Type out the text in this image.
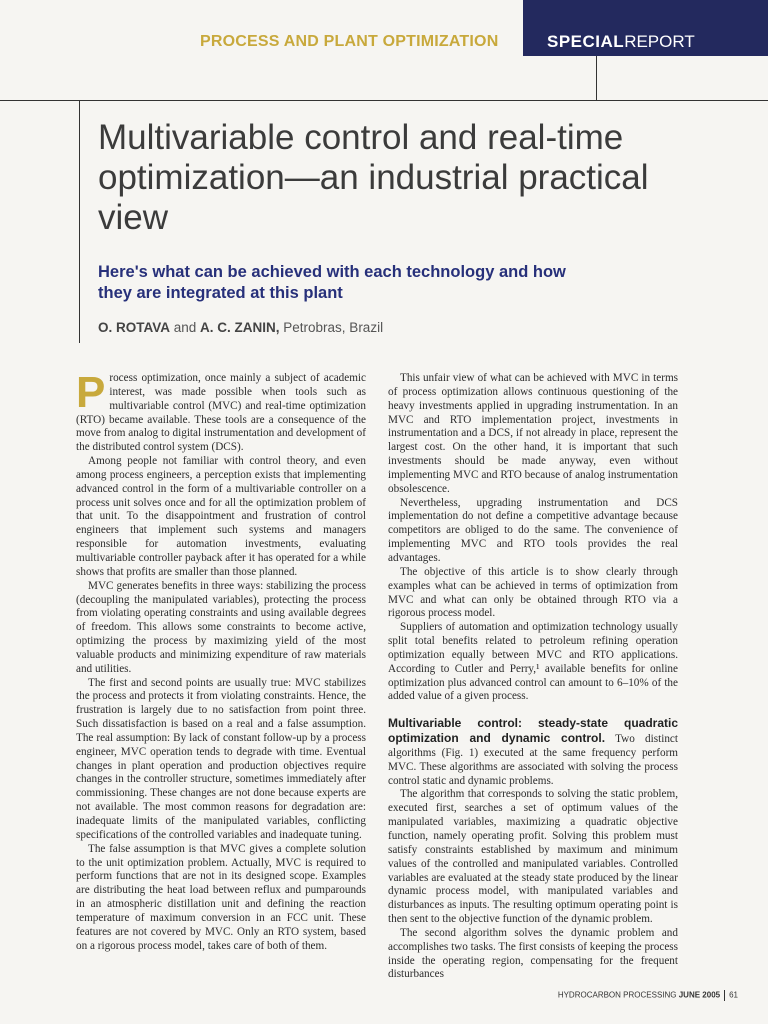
PROCESS AND PLANT OPTIMIZATION	SPECIALREPORT
Multivariable control and real-time optimization—an industrial practical view
Here's what can be achieved with each technology and how they are integrated at this plant
O. ROTAVA and A. C. ZANIN, Petrobras, Brazil

Process optimization, once mainly a subject of academic interest, was made possible when tools such as multivariable control (MVC) and real-time optimization (RTO) became available. These tools are a consequence of the move from analog to digital instrumentation and development of the distributed control system (DCS).

Among people not familiar with control theory, and even among process engineers, a perception exists that implementing advanced control in the form of a multivariable controller on a process unit solves once and for all the optimization problem of that unit. To the disappointment and frustration of control engineers that implement such systems and managers responsible for automation investments, evaluating multivariable controller payback after it has operated for a while shows that profits are smaller than those planned.

MVC generates benefits in three ways: stabilizing the process (decoupling the manipulated variables), protecting the process from violating operating constraints and using available degrees of freedom. This allows some constraints to become active, optimizing the process by maximizing yield of the most valuable products and minimizing expenditure of raw materials and utilities.

The first and second points are usually true: MVC stabilizes the process and protects it from violating constraints. Hence, the frustration is largely due to no satisfaction from point three. Such dissatisfaction is based on a real and a false assumption. The real assumption: By lack of constant follow-up by a process engineer, MVC operation tends to degrade with time. Eventual changes in plant operation and production objectives require changes in the controller structure, sometimes immediately after commissioning. These changes are not done because experts are not available. The most common reasons for degradation are: inadequate limits of the manipulated variables, conflicting specifications of the controlled variables and inadequate tuning.

The false assumption is that MVC gives a complete solution to the unit optimization problem. Actually, MVC is required to perform functions that are not in its designed scope. Examples are distributing the heat load between reflux and pumparounds in an atmospheric distillation unit and defining the reaction temperature of maximum conversion in an FCC unit. These features are not covered by MVC. Only an RTO system, based on a rigorous process model, takes care of both of them.

This unfair view of what can be achieved with MVC in terms of process optimization allows continuous questioning of the heavy investments applied in upgrading instrumentation. In an MVC and RTO implementation project, investments in instrumentation and a DCS, if not already in place, represent the largest cost. On the other hand, it is important that such investments should be made anyway, even without implementing MVC and RTO because of analog instrumentation obsolescence.

Nevertheless, upgrading instrumentation and DCS implementation do not define a competitive advantage because competitors are obliged to do the same. The convenience of implementing MVC and RTO tools provides the real advantages.

The objective of this article is to show clearly through examples what can be achieved in terms of optimization from MVC and what can only be obtained through RTO via a rigorous process model.

Suppliers of automation and optimization technology usually split total benefits related to petroleum refining operation optimization equally between MVC and RTO applications. According to Cutler and Perry,¹ available benefits for online optimization plus advanced control can amount to 6–10% of the added value of a given process.

Multivariable control: steady-state quadratic optimization and dynamic control. Two distinct algorithms (Fig. 1) executed at the same frequency perform MVC. These algorithms are associated with solving the process control static and dynamic problems.

The algorithm that corresponds to solving the static problem, executed first, searches a set of optimum values of the manipulated variables, maximizing a quadratic objective function, namely operating profit. Solving this problem must satisfy constraints established by maximum and minimum values of the controlled and manipulated variables. Controlled variables are evaluated at the steady state produced by the linear dynamic process model, with manipulated variables and disturbances as inputs. The resulting optimum operating point is then sent to the objective function of the dynamic problem.

The second algorithm solves the dynamic problem and accomplishes two tasks. The first consists of keeping the process inside the operating region, compensating for the frequent disturbances

HYDROCARBON PROCESSING JUNE 2005 61
